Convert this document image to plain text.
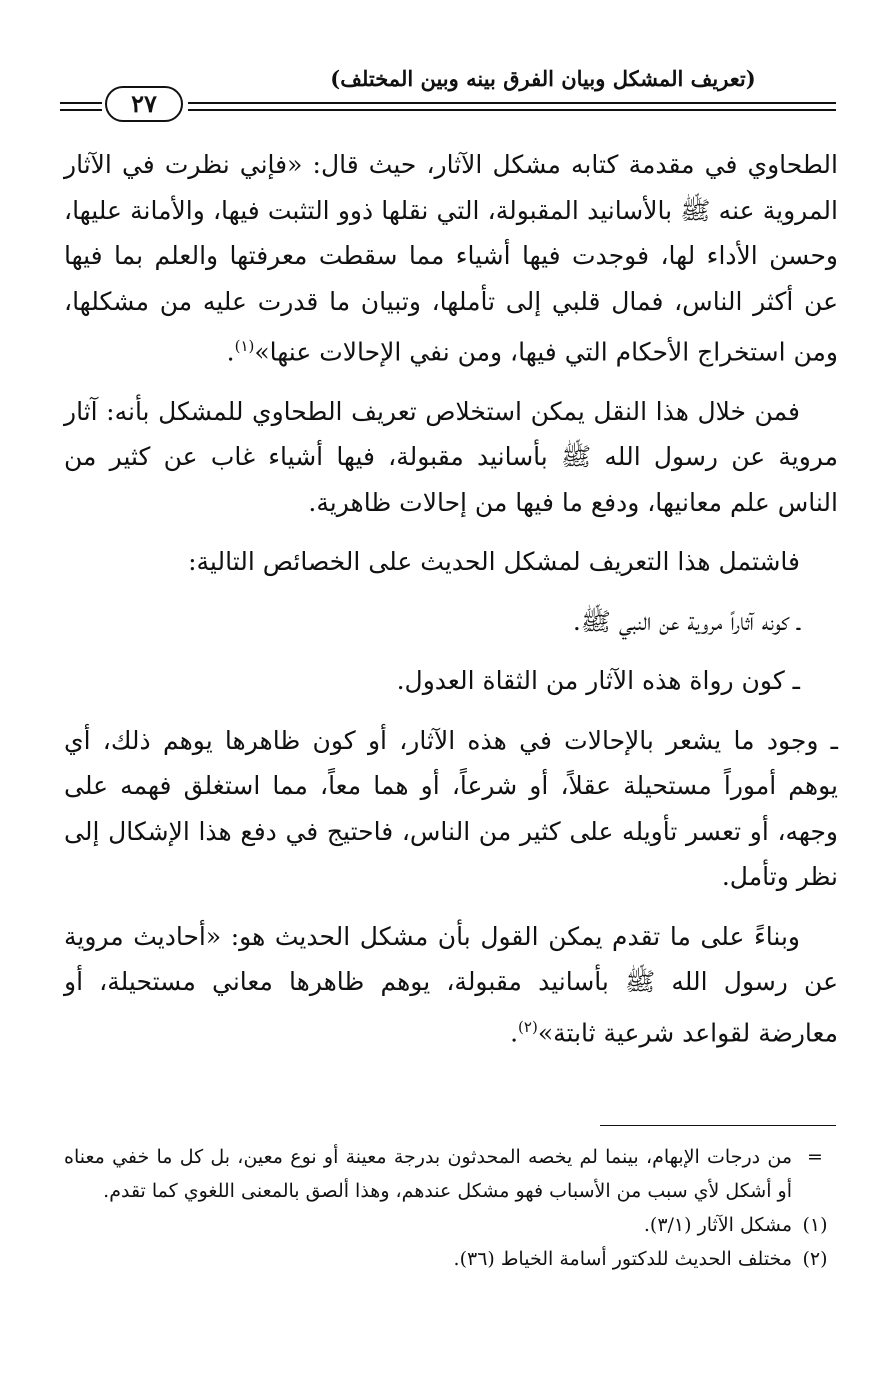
(تعريف المشكل وبيان الفرق بينه وبين المختلف)
٢٧

الطحاوي في مقدمة كتابه مشكل الآثار، حيث قال: «فإني نظرت في الآثار المروية عنه ﷺ بالأسانيد المقبولة، التي نقلها ذوو التثبت فيها، والأمانة عليها، وحسن الأداء لها، فوجدت فيها أشياء مما سقطت معرفتها والعلم بما فيها عن أكثر الناس، فمال قلبي إلى تأملها، وتبيان ما قدرت عليه من مشكلها، ومن استخراج الأحكام التي فيها، ومن نفي الإحالات عنها»$^{(١)}$.

فمن خلال هذا النقل يمكن استخلاص تعريف الطحاوي للمشكل بأنه: آثار مروية عن رسول الله ﷺ بأسانيد مقبولة، فيها أشياء غاب عن كثير من الناس علم معانيها، ودفع ما فيها من إحالات ظاهرية.

فاشتمل هذا التعريف لمشكل الحديث على الخصائص التالية:

ـ كونه آثاراً مروية عن النبي ﷺ.

ـ كون رواة هذه الآثار من الثقاة العدول.

ـ وجود ما يشعر بالإحالات في هذه الآثار، أو كون ظاهرها يوهم ذلك، أي يوهم أموراً مستحيلة عقلاً، أو شرعاً، أو هما معاً، مما استغلق فهمه على وجهه، أو تعسر تأويله على كثير من الناس، فاحتيج في دفع هذا الإشكال إلى نظر وتأمل.

وبناءً على ما تقدم يمكن القول بأن مشكل الحديث هو: «أحاديث مروية عن رسول الله ﷺ بأسانيد مقبولة، يوهم ظاهرها معاني مستحيلة، أو معارضة لقواعد شرعية ثابتة»$^{(٢)}$.

=
من درجات الإبهام، بينما لم يخصه المحدثون بدرجة معينة أو نوع معين، بل كل ما خفي معناه أو أشكل لأي سبب من الأسباب فهو مشكل عندهم، وهذا ألصق بالمعنى اللغوي كما تقدم.
(١)
مشكل الآثار (٣/١).
(٢)
مختلف الحديث للدكتور أسامة الخياط (٣٦).
